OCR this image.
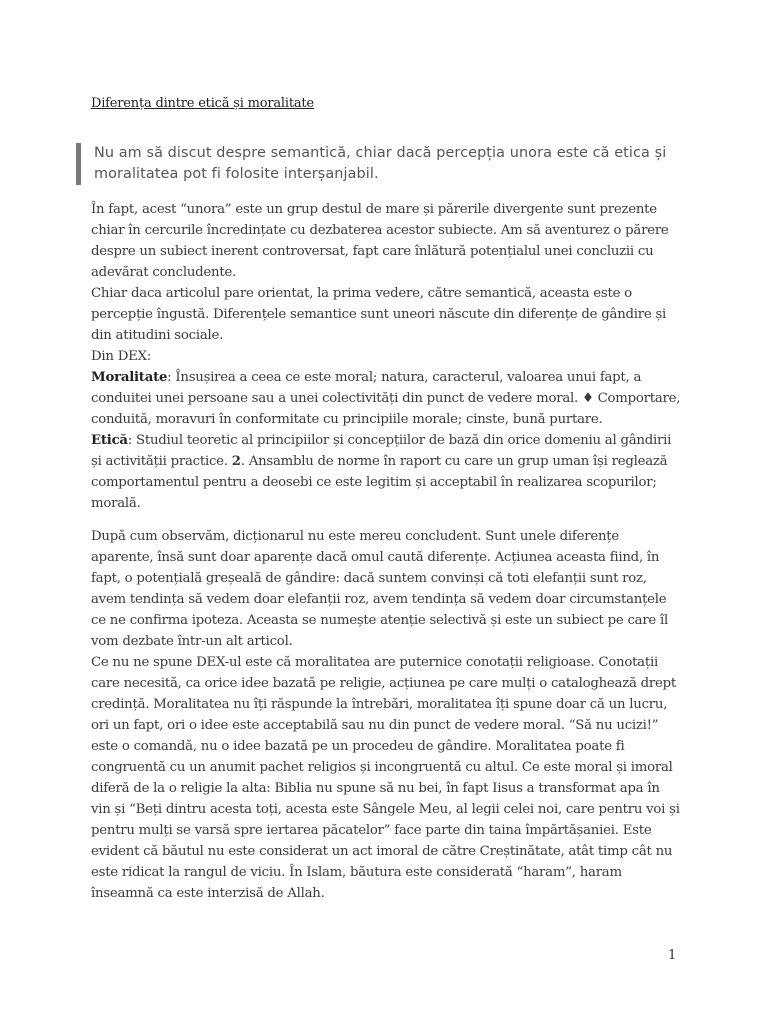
Diferența dintre etică și moralitate

Nu am să discut despre semantică, chiar dacă percepția unora este că etica și moralitatea pot fi folosite interșanjabil.

În fapt, acest “unora” este un grup destul de mare și părerile divergente sunt prezente chiar în cercurile încredințate cu dezbaterea acestor subiecte. Am să aventurez o părere despre un subiect inerent controversat, fapt care înlătură potențialul unei concluzii cu adevărat concludente.

Chiar daca articolul pare orientat, la prima vedere, către semantică, aceasta este o percepție îngustă. Diferențele semantice sunt uneori născute din diferențe de gândire și din atitudini sociale.

Din DEX:

Moralitate: Însușirea a ceea ce este moral; natura, caracterul, valoarea unui fapt, a conduitei unei persoane sau a unei colectivități din punct de vedere moral. ♦ Comportare, conduită, moravuri în conformitate cu principiile morale; cinste, bună purtare.

Etică: Studiul teoretic al principiilor și concepțiilor de bază din orice domeniu al gândirii și activității practice. 2. Ansamblu de norme în raport cu care un grup uman își reglează comportamentul pentru a deosebi ce este legitim și acceptabil în realizarea scopurilor; morală.

După cum observăm, dicționarul nu este mereu concludent. Sunt unele diferențe aparente, însă sunt doar aparențe dacă omul caută diferențe. Acțiunea aceasta fiind, în fapt, o potențială greșeală de gândire: dacă suntem convinși că toti elefanții sunt roz, avem tendința să vedem doar elefanții roz, avem tendința să vedem doar circumstanțele ce ne confirma ipoteza. Aceasta se numește atenție selectivă și este un subiect pe care îl vom dezbate într-un alt articol.

Ce nu ne spune DEX-ul este că moralitatea are puternice conotații religioase. Conotații care necesită, ca orice idee bazată pe religie, acțiunea pe care mulți o cataloghează drept credință. Moralitatea nu îți răspunde la întrebări, moralitatea îți spune doar că un lucru, ori un fapt, ori o idee este acceptabilă sau nu din punct de vedere moral. “Să nu ucizi!” este o comandă, nu o idee bazată pe un procedeu de gândire. Moralitatea poate fi congruentă cu un anumit pachet religios și incongruentă cu altul. Ce este moral și imoral diferă de la o religie la alta: Biblia nu spune să nu bei, în fapt Iisus a transformat apa în vin și “Beți dintru acesta toți, acesta este Sângele Meu, al legii celei noi, care pentru voi și pentru mulți se varsă spre iertarea păcatelor” face parte din taina împărtășaniei. Este evident că băutul nu este considerat un act imoral de către Creștinătate, atât timp cât nu este ridicat la rangul de viciu. În Islam, băutura este considerată “haram”, haram înseamnă ca este interzisă de Allah.

1
